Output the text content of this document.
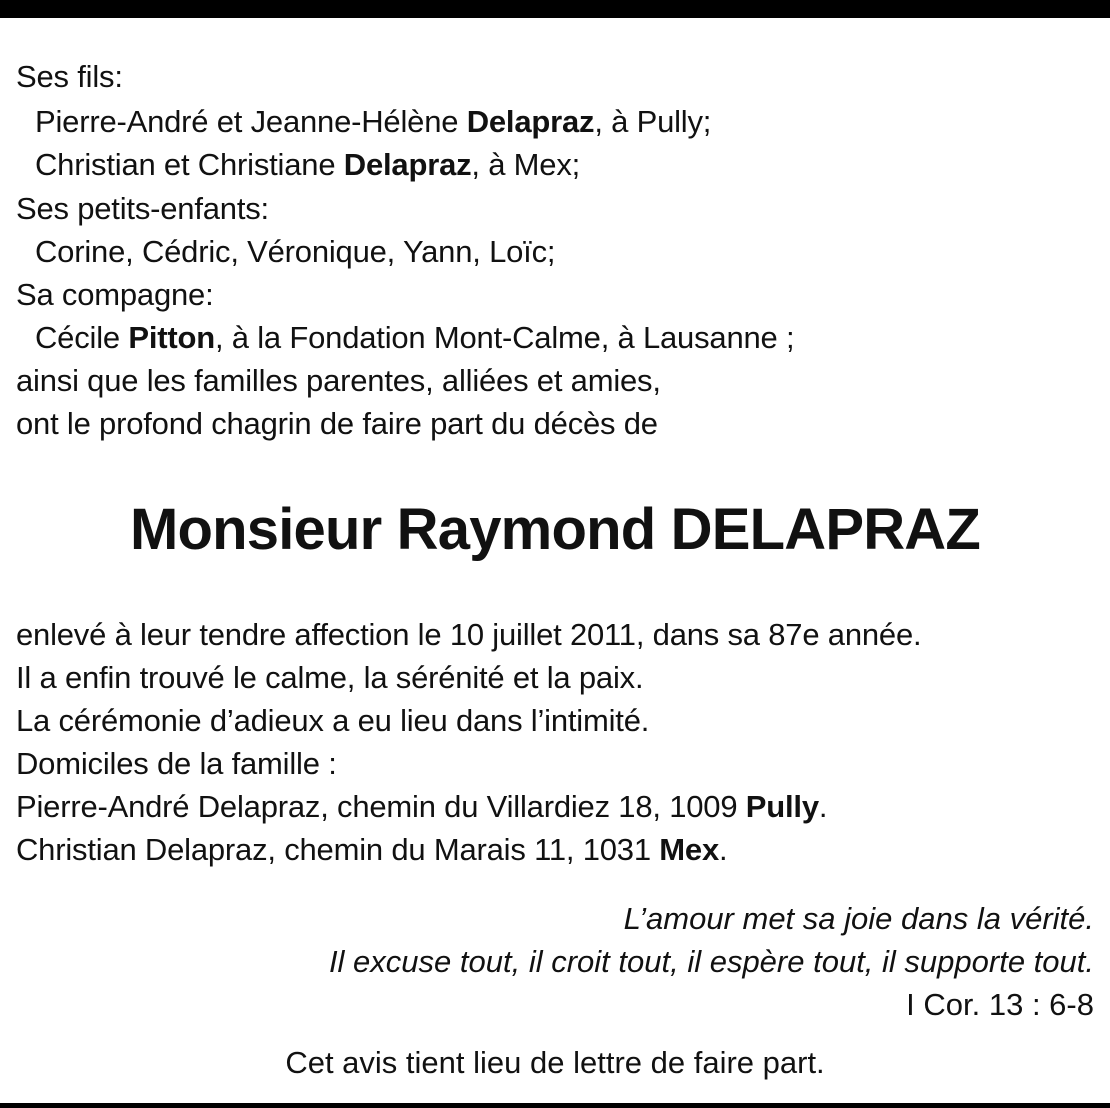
Ses fils:

Pierre-André et Jeanne-Hélène Delapraz, à Pully;

Christian et Christiane Delapraz, à Mex;

Ses petits-enfants:

Corine, Cédric, Véronique, Yann, Loïc;

Sa compagne:

Cécile Pitton, à la Fondation Mont-Calme, à Lausanne ;

ainsi que les familles parentes, alliées et amies,

ont le profond chagrin de faire part du décès de

Monsieur Raymond DELAPRAZ

enlevé à leur tendre affection le 10 juillet 2011, dans sa 87e année.

Il a enfin trouvé le calme, la sérénité et la paix.

La cérémonie d’adieux a eu lieu dans l’intimité.

Domiciles de la famille :

Pierre-André Delapraz, chemin du Villardiez 18, 1009 Pully.

Christian Delapraz, chemin du Marais 11, 1031 Mex.

L’amour met sa joie dans la vérité.

Il excuse tout, il croit tout, il espère tout, il supporte tout.

I Cor. 13 : 6-8

Cet avis tient lieu de lettre de faire part.
